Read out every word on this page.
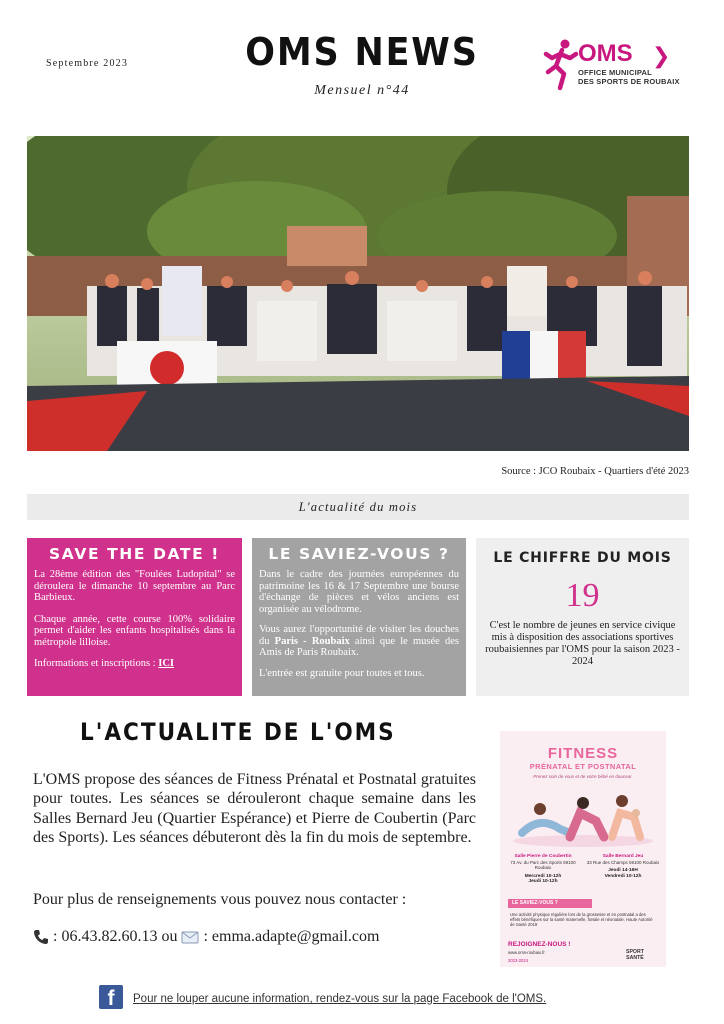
Septembre 2023	OMS NEWS
Mensuel n°44
OMS ❯
OFFICE MUNICIPAL
DES SPORTS DE ROUBAIX
Source : JCO Roubaix - Quartiers d'été 2023
L'actualité du mois
SAVE THE DATE !

La 28ème édition des "Foulées Ludopital" se déroulera le dimanche 10 septembre au Parc Barbieux.

Chaque année, cette course 100% solidaire permet d'aider les enfants hospitalisés dans la métropole lilloise.

Informations et inscriptions : ICI

LE SAVIEZ-VOUS ?

Dans le cadre des journées européennes du patrimoine les 16 & 17 Septembre une bourse d'échange de pièces et vélos anciens est organisée au vélodrome.

Vous aurez l'opportunité de visiter les douches du Paris - Roubaix ainsi que le musée des Amis de Paris Roubaix.

L'entrée est gratuite pour toutes et tous.

LE CHIFFRE DU MOIS
19

C'est le nombre de jeunes en service civique mis à disposition des associations sportives roubaisiennes par l'OMS pour la saison 2023 - 2024

L'ACTUALITE DE L'OMS
L'OMS propose des séances de Fitness Prénatal et Postnatal gratuites pour toutes. Les séances se dérouleront chaque semaine dans les Salles Bernard Jeu (Quartier Espérance) et Pierre de Coubertin (Parc des Sports). Les séances débuteront dès la fin du mois de septembre.
Pour plus de renseignements vous pouvez nous contacter :
: 06.43.82.60.13 ou : emma.adapte@gmail.com
FITNESS
PRÉNATAL ET POSTNATAL
Prenez soin de vous et de votre bébé en douceur.
Salle Pierre de Coubertin
73 Av. du Parc des Sports 59100 Roubaix
Mercredi 10-12h
Jeudi 10-12h
Salle Bernard Jeu
33 Rue des Champs 59100 Roubaix
Jeudi 14-16H
Vendredi 10-12h
LE SAVIEZ-VOUS ?
Une activité physique régulière lors de la grossesse et en postnatal a des effets bénéfiques sur la santé maternelle, fœtale et néonatale. Haute Autorité de Santé 2019
REJOIGNEZ-NOUS !
www.oms-roubaix.fr
2023-2024
SPORT
SANTÉ
f	Pour ne louper aucune information, rendez-vous sur la page Facebook de l'OMS.
